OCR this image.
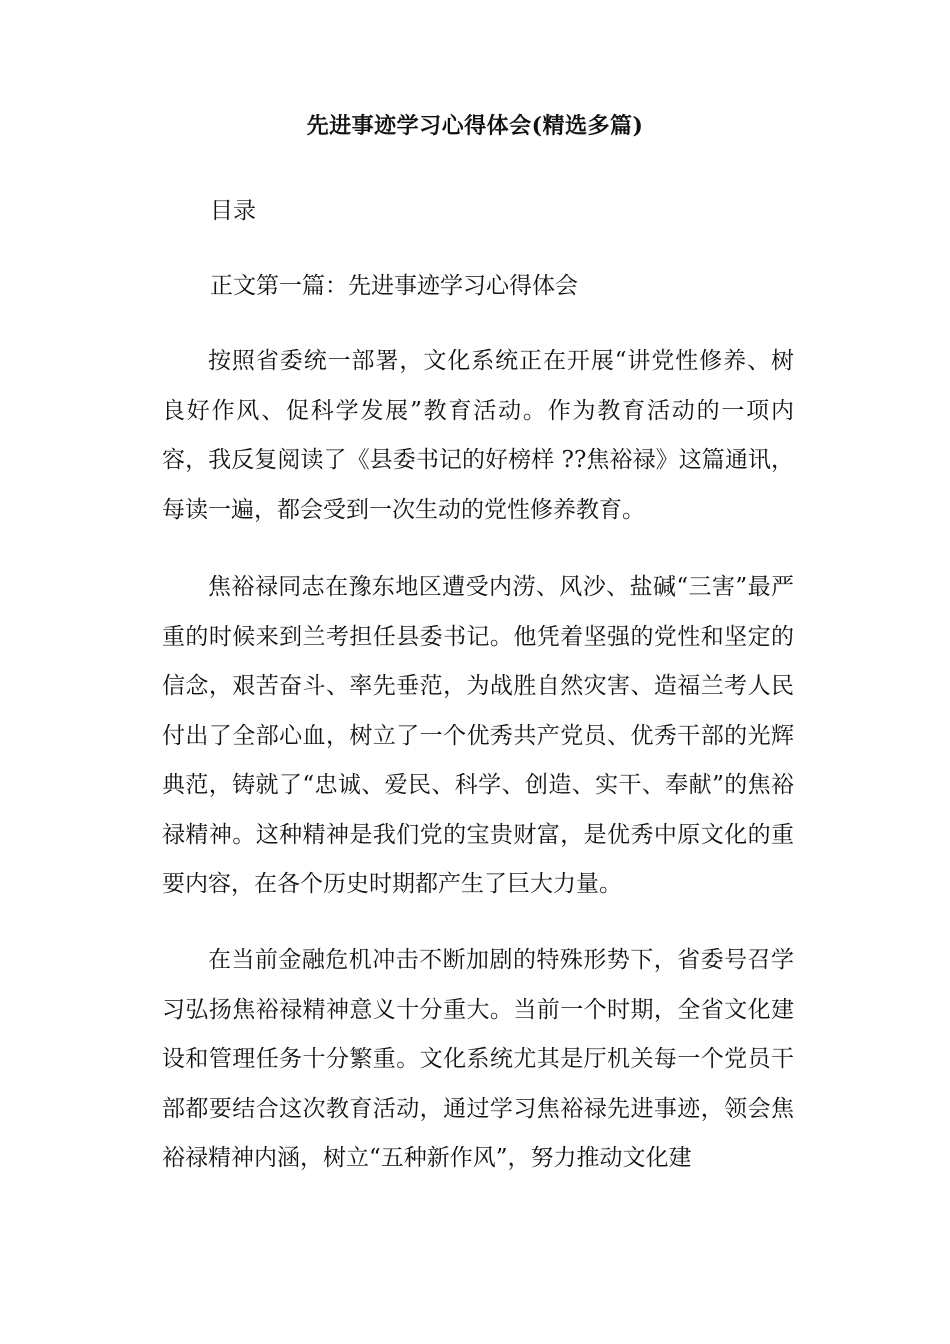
先进事迹学习心得体会(精选多篇)
目录
正文第一篇：先进事迹学习心得体会

按照省委统一部署，文化系统正在开展“讲党性修养、树良好作风、促科学发展”教育活动。作为教育活动的一项内容，我反复阅读了《县委书记的好榜样 ??焦裕禄》这篇通讯，每读一遍，都会受到一次生动的党性修养教育。

焦裕禄同志在豫东地区遭受内涝、风沙、盐碱“三害”最严重的时候来到兰考担任县委书记。他凭着坚强的党性和坚定的信念，艰苦奋斗、率先垂范，为战胜自然灾害、造福兰考人民付出了全部心血，树立了一个优秀共产党员、优秀干部的光辉典范，铸就了“忠诚、爱民、科学、创造、实干、奉献”的焦裕禄精神。这种精神是我们党的宝贵财富，是优秀中原文化的重要内容，在各个历史时期都产生了巨大力量。

在当前金融危机冲击不断加剧的特殊形势下，省委号召学习弘扬焦裕禄精神意义十分重大。当前一个时期，全省文化建设和管理任务十分繁重。文化系统尤其是厅机关每一个党员干部都要结合这次教育活动，通过学习焦裕禄先进事迹，领会焦裕禄精神内涵，树立“五种新作风”，努力推动文化建
